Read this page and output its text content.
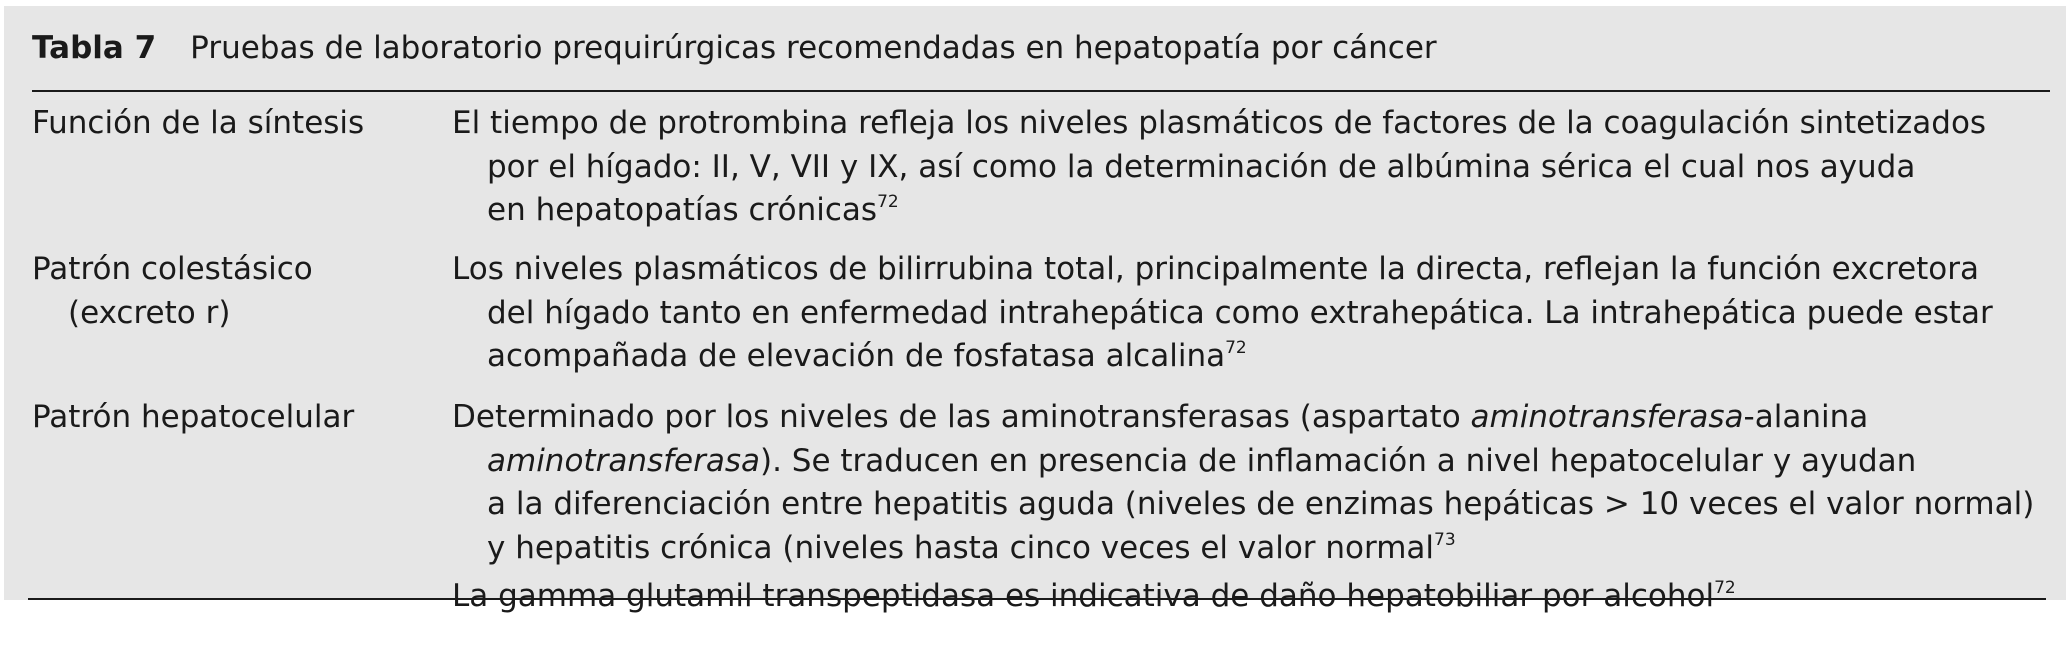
Tabla 7 Pruebas de laboratorio prequirúrgicas recomendadas en hepatopatía por cáncer
Función de la síntesis	El tiempo de protrombina refleja los niveles plasmáticos de factores de la coagulación sintetizados
por el hígado: II, V, VII y IX, así como la determinación de albúmina sérica el cual nos ayuda
en hepatopatías crónicas$^{72}$
Patrón colestásico
(excreto r)
Los niveles plasmáticos de bilirrubina total, principalmente la directa, reflejan la función excretora
del hígado tanto en enfermedad intrahepática como extrahepática. La intrahepática puede estar
acompañada de elevación de fosfatasa alcalina$^{72}$
Patrón hepatocelular	Determinado por los niveles de las aminotransferasas (aspartato aminotransferasa-alanina
aminotransferasa). Se traducen en presencia de inflamación a nivel hepatocelular y ayudan
a la diferenciación entre hepatitis aguda (niveles de enzimas hepáticas > 10 veces el valor normal)
y hepatitis crónica (niveles hasta cinco veces el valor normal$^{73}$
La gamma glutamil transpeptidasa es indicativa de daño hepatobiliar por alcohol$^{72}$
